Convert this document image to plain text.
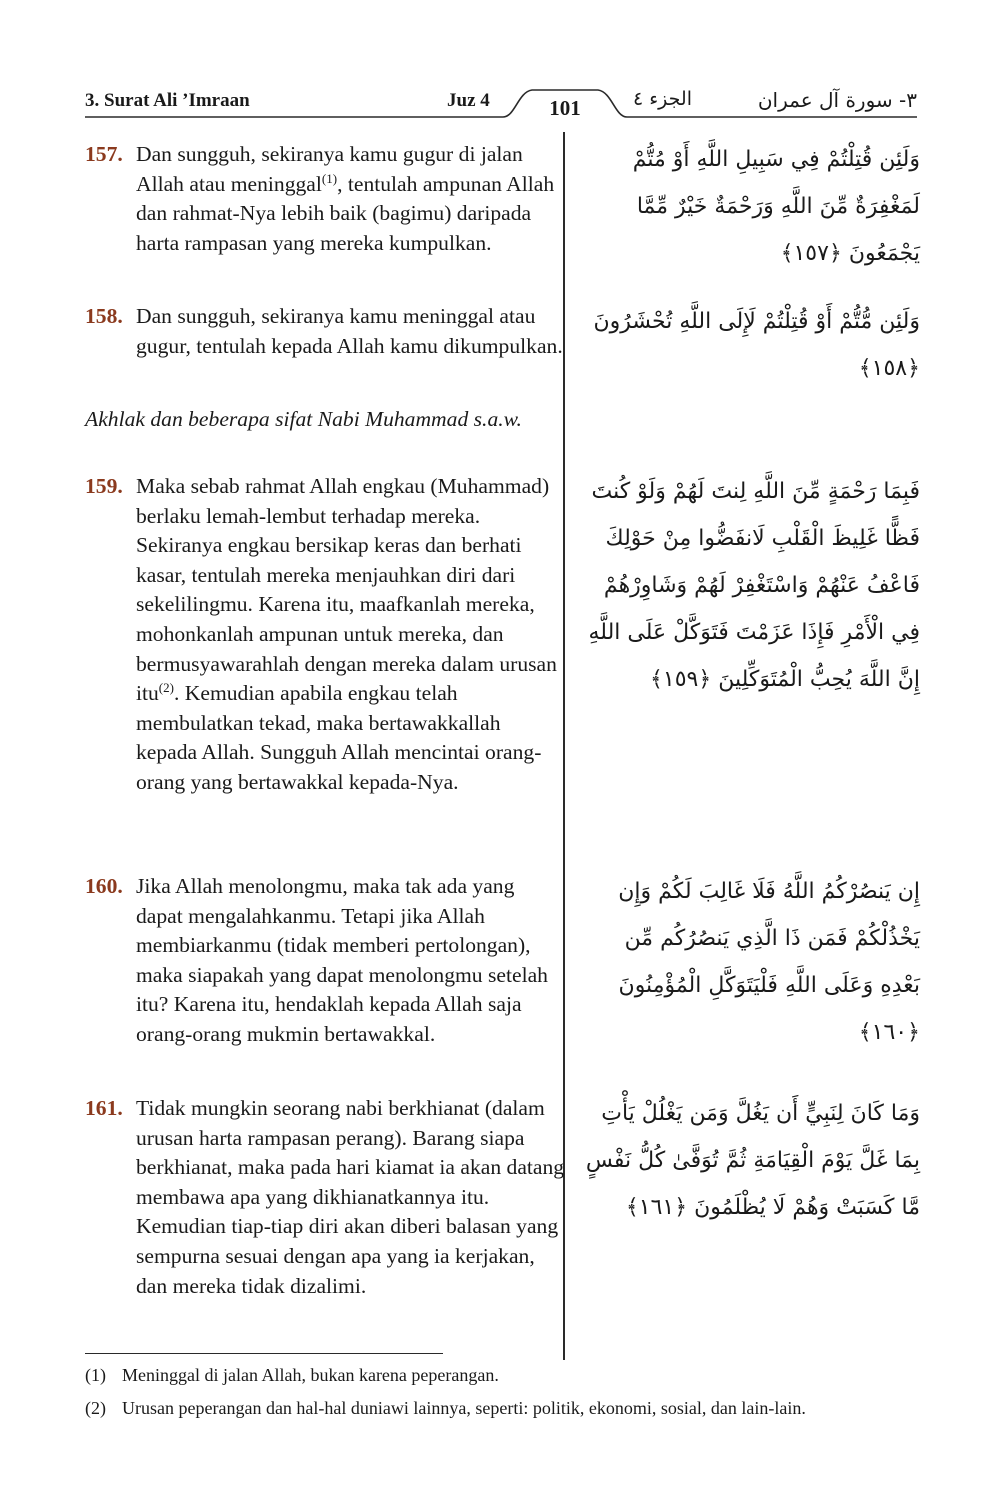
3. Surat Ali ’Imraan	Juz 4	101	الجزء ٤	٣- سورة آل عمران
157. Dan sungguh, sekiranya kamu gugur di jalan Allah atau meninggal$^{(1)}$, tentulah ampunan Allah dan rahmat-Nya lebih baik (bagimu) daripada harta rampasan yang mereka kumpulkan.
وَلَئِن قُتِلْتُمْ فِي سَبِيلِ اللَّهِ أَوْ مُتُّمْ لَمَغْفِرَةٌ مِّنَ اللَّهِ وَرَحْمَةٌ خَيْرٌ مِّمَّا يَجْمَعُونَ ﴿١٥٧﴾
158. Dan sungguh, sekiranya kamu meninggal atau gugur, tentulah kepada Allah kamu dikumpulkan.
وَلَئِن مُّتُّمْ أَوْ قُتِلْتُمْ لَإِلَى اللَّهِ تُحْشَرُونَ ﴿١٥٨﴾
Akhlak dan beberapa sifat Nabi Muhammad s.a.w.
159. Maka sebab rahmat Allah engkau (Muhammad) berlaku lemah-lembut terhadap mereka. Sekiranya engkau bersikap keras dan berhati kasar, tentulah mereka menjauhkan diri dari sekelilingmu. Karena itu, maafkanlah mereka, mohonkanlah ampunan untuk mereka, dan bermusyawarahlah dengan mereka dalam urusan itu$^{(2)}$. Kemudian apabila engkau telah membulatkan tekad, maka bertawakkallah kepada Allah. Sungguh Allah mencintai orang-orang yang bertawakkal kepada-Nya.
فَبِمَا رَحْمَةٍ مِّنَ اللَّهِ لِنتَ لَهُمْ وَلَوْ كُنتَ فَظًّا غَلِيظَ الْقَلْبِ لَانفَضُّوا مِنْ حَوْلِكَ فَاعْفُ عَنْهُمْ وَاسْتَغْفِرْ لَهُمْ وَشَاوِرْهُمْ فِي الْأَمْرِ فَإِذَا عَزَمْتَ فَتَوَكَّلْ عَلَى اللَّهِ إِنَّ اللَّهَ يُحِبُّ الْمُتَوَكِّلِينَ ﴿١٥٩﴾
160. Jika Allah menolongmu, maka tak ada yang dapat mengalahkanmu. Tetapi jika Allah membiarkanmu (tidak memberi pertolongan), maka siapakah yang dapat menolongmu setelah itu? Karena itu, hendaklah kepada Allah saja orang-orang mukmin bertawakkal.
إِن يَنصُرْكُمُ اللَّهُ فَلَا غَالِبَ لَكُمْ وَإِن يَخْذُلْكُمْ فَمَن ذَا الَّذِي يَنصُرُكُم مِّن بَعْدِهِ وَعَلَى اللَّهِ فَلْيَتَوَكَّلِ الْمُؤْمِنُونَ ﴿١٦٠﴾
161. Tidak mungkin seorang nabi berkhianat (dalam urusan harta rampasan perang). Barang siapa berkhianat, maka pada hari kiamat ia akan datang membawa apa yang dikhianatkannya itu. Kemudian tiap-tiap diri akan diberi balasan yang sempurna sesuai dengan apa yang ia kerjakan, dan mereka tidak dizalimi.
وَمَا كَانَ لِنَبِيٍّ أَن يَغُلَّ وَمَن يَغْلُلْ يَأْتِ بِمَا غَلَّ يَوْمَ الْقِيَامَةِ ثُمَّ تُوَفَّىٰ كُلُّ نَفْسٍ مَّا كَسَبَتْ وَهُمْ لَا يُظْلَمُونَ ﴿١٦١﴾
(1) Meninggal di jalan Allah, bukan karena peperangan.
(2) Urusan peperangan dan hal-hal duniawi lainnya, seperti: politik, ekonomi, sosial, dan lain-lain.
